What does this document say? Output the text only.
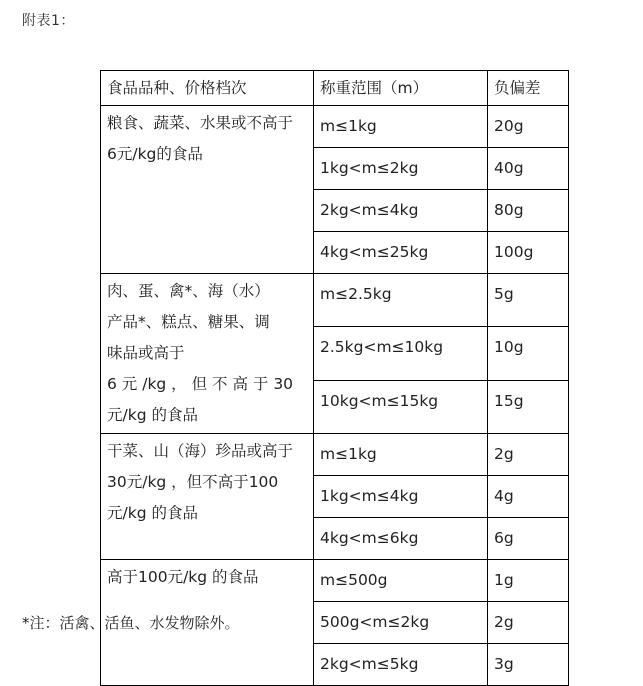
附表1：
食品品种、价格档次	称重范围（m）	负偏差

粮食、蔬菜、水果或不高于
6元/kg的食品	m≤1kg	20g
	1kg<m≤2kg	40g
	2kg<m≤4kg	80g
	4kg<m≤25kg	100g

肉、蛋、禽*、海（水）
产品*、糕点、糖果、调
味品或高于
6 元 /kg ， 但 不 高 于 30
元/kg 的食品	m≤2.5kg	5g
	2.5kg<m≤10kg	10g
	10kg<m≤15kg	15g

干菜、山（海）珍品或高于
30元/kg ，但不高于100
元/kg 的食品	m≤1kg	2g
	1kg<m≤4kg	4g
	4kg<m≤6kg	6g

高于100元/kg 的食品	m≤500g	1g
	500g<m≤2kg	2g
	2kg<m≤5kg	3g
*注：活禽、活鱼、水发物除外。
